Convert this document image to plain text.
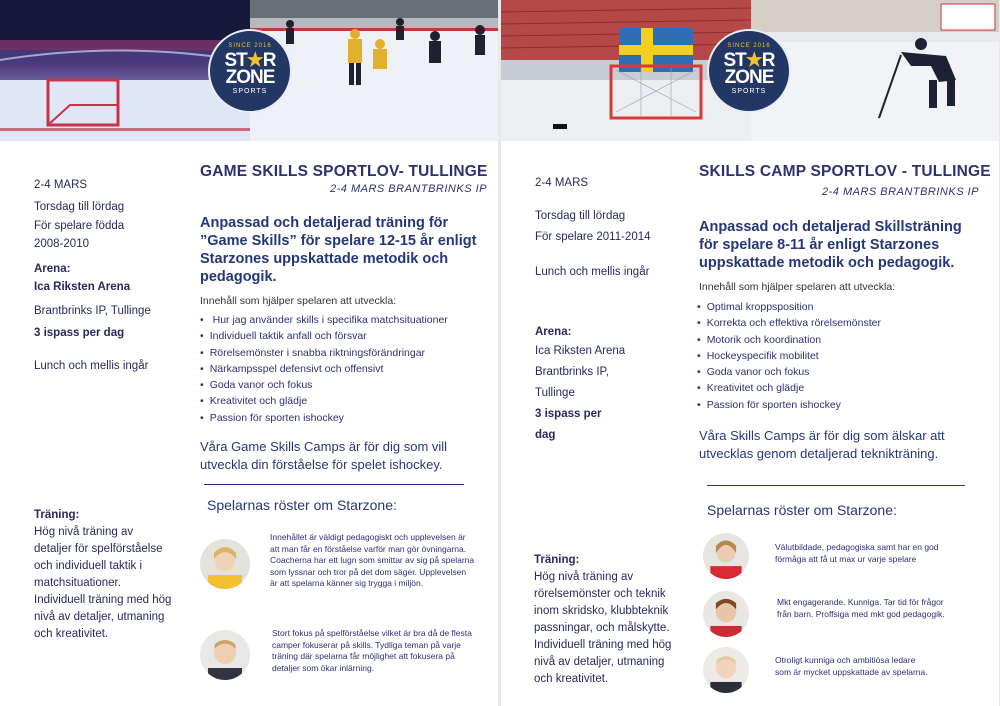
SINCE 2016
ST★R
ZONE
SPORTS
2-4 MARS
Torsdag till lördag
För spelare födda
2008-2010
Arena:
Ica Riksten Arena
Brantbrinks IP, Tullinge
3 ispass per dag
Lunch och mellis ingår
GAME SKILLS SPORTLOV- TULLINGE
2-4 MARS BRANTBRINKS IP
Anpassad och detaljerad träning för
”Game Skills” för spelare 12-15 år enligt
Starzones uppskattade metodik och
pedagogik.
Innehåll som hjälper spelaren att utveckla:
• Hur jag använder skills i specifika matchsituationer
• Individuell taktik anfall och försvar
• Rörelsemönster i snabba riktningsförändringar
• Närkampsspel defensivt och offensivt
• Goda vanor och fokus
• Kreativitet och glädje
• Passion för sporten ishockey
Våra Game Skills Camps är för dig som vill
utveckla din förståelse för spelet ishockey.
Spelarnas röster om Starzone:
Innehållet är väldigt pedagogiskt och upplevelsen är
att man får en förståelse varför man gör övningarna.
Coacherna har ett lugn som smittar av sig på spelarna
som lyssnar och tror på det dom säger. Upplevelsen
är att spelarna känner sig trygga i miljön.
Stort fokus på spelförståelse vilket är bra då de flesta
camper fokuserar på skills. Tydliga teman på varje
träning där spelarna får möjlighet att fokusera på
detaljer som ökar inlärning.
Träning:
Hög nivå träning av
detaljer för spelförståelse
och individuell taktik i
matchsituationer.
Individuell träning med hög
nivå av detaljer, utmaning
och kreativitet.
SINCE 2016
ST★R
ZONE
SPORTS
2-4 MARS
Torsdag till lördag
För spelare 2011-2014
Lunch och mellis ingår
Arena:
Ica Riksten Arena
Brantbrinks IP,
Tullinge
3 ispass per
dag
SKILLS CAMP SPORTLOV - TULLINGE
2-4 MARS BRANTBRINKS IP
Anpassad och detaljerad Skillsträning
för spelare 8-11 år enligt Starzones
uppskattade metodik och pedagogik.
Innehåll som hjälper spelaren att utveckla:
• Optimal kroppsposition
• Korrekta och effektiva rörelsemönster
• Motorik och koordination
• Hockeyspecifik mobilitet
• Goda vanor och fokus
• Kreativitet och glädje
• Passion för sporten ishockey
Våra Skills Camps är för dig som älskar att
utvecklas genom detaljerad teknikträning.
Spelarnas röster om Starzone:
Välutbildade, pedagogiska samt har en god
förmåga att få ut max ur varje spelare
Mkt engagerande. Kunniga. Tar tid för frågor
från barn. Proffsiga med mkt god pedagogik.
Otroligt kunniga och ambitiösa ledare
som är mycket uppskattade av spelarna.
Träning:
Hög nivå träning av
rörelsemönster och teknik
inom skridsko, klubbteknik
passningar, och målskytte.
Individuell träning med hög
nivå av detaljer, utmaning
och kreativitet.
